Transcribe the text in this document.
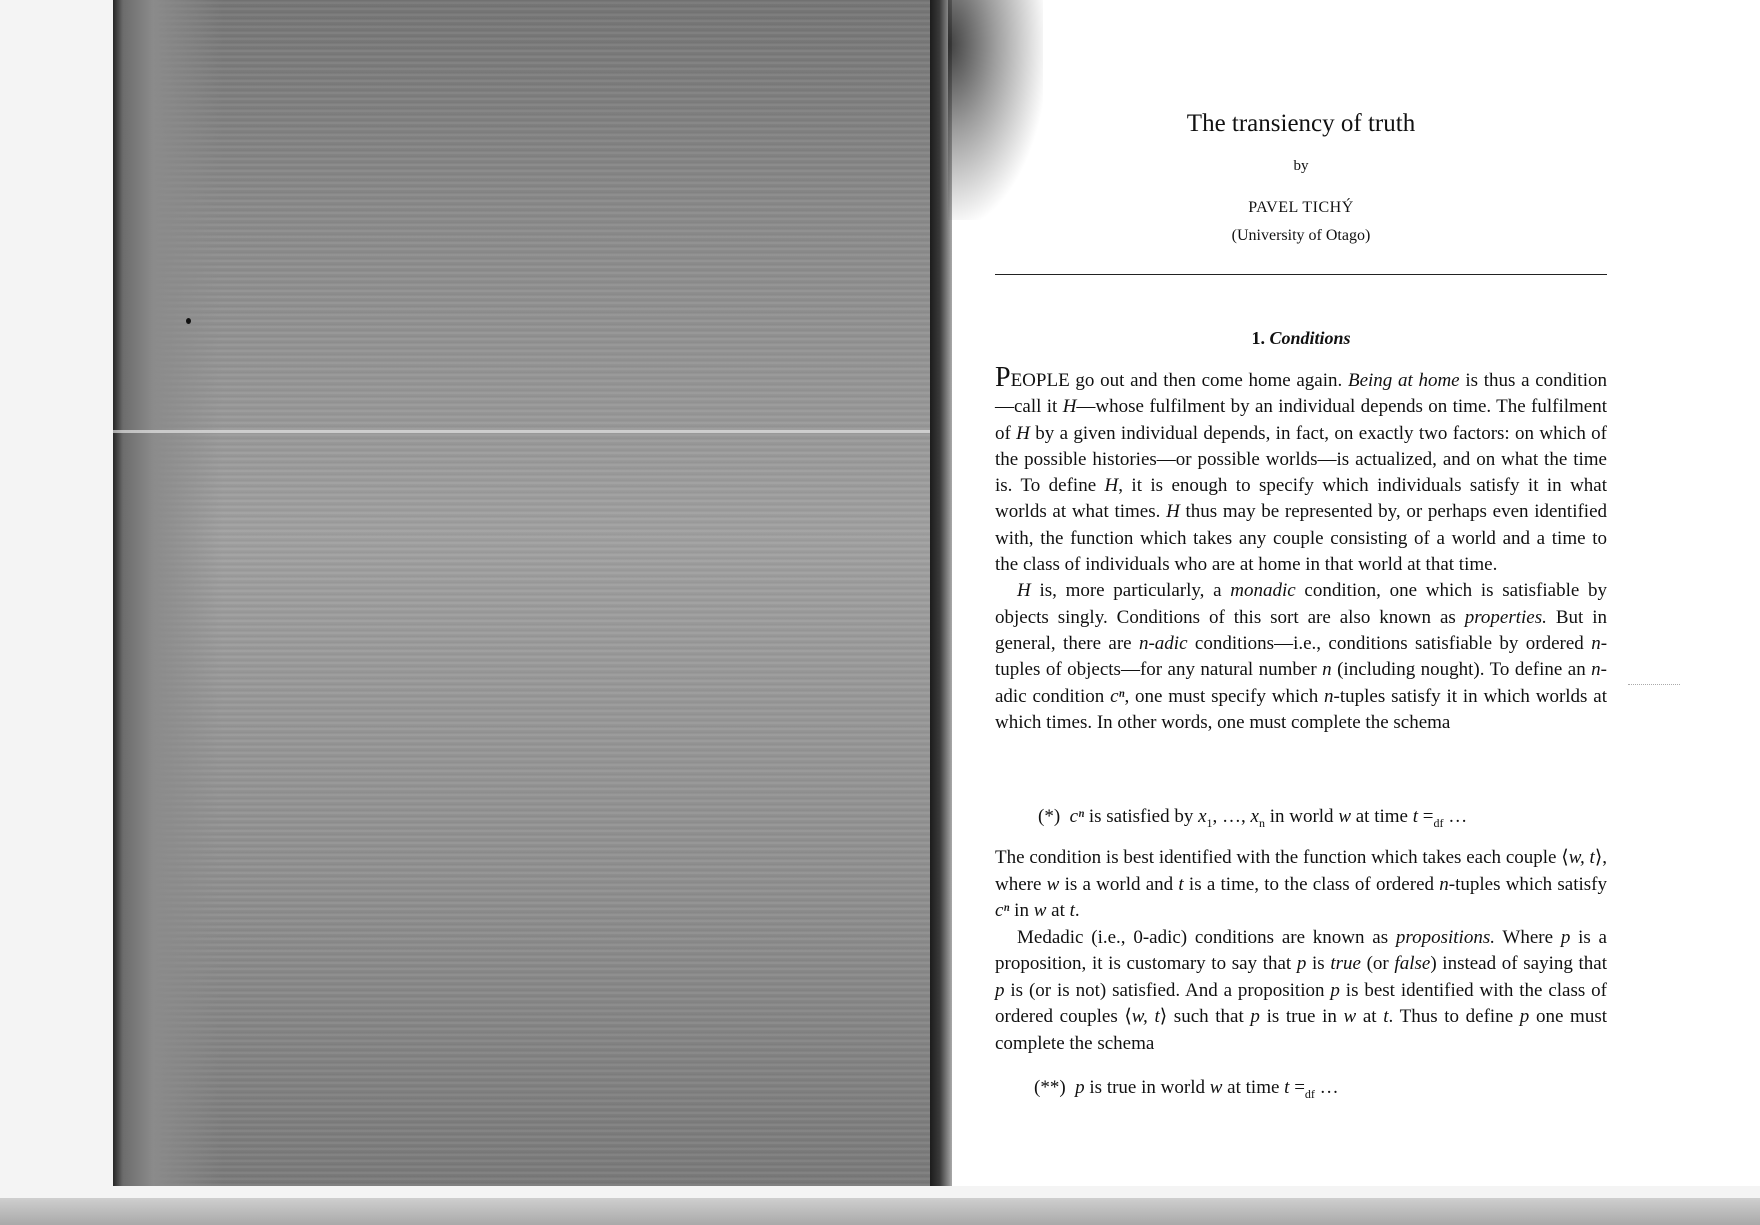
The transiency of truth
by
PAVEL TICHÝ
(University of Otago)
1. Conditions

PEOPLE go out and then come home again. Being at home is thus a condition—call it H—whose fulfilment by an individual depends on time. The fulfilment of H by a given individual depends, in fact, on exactly two factors: on which of the possible histories—or possible worlds—is actualized, and on what the time is. To define H, it is enough to specify which individuals satisfy it in what worlds at what times. H thus may be represented by, or perhaps even identified with, the function which takes any couple consisting of a world and a time to the class of individuals who are at home in that world at that time.

H is, more particularly, a monadic condition, one which is satisfiable by objects singly. Conditions of this sort are also known as properties. But in general, there are n-adic conditions—i.e., conditions satisfiable by ordered n-tuples of objects—for any natural number n (including nought). To define an n-adic condition cⁿ, one must specify which n-tuples satisfy it in which worlds at which times. In other words, one must complete the schema

(*) cⁿ is satisfied by $x_1$, …, $x_n$ in world w at time $t =_{df}$ …

The condition is best identified with the function which takes each couple ⟨w, t⟩, where w is a world and t is a time, to the class of ordered n-tuples which satisfy cⁿ in w at t.

Medadic (i.e., 0-adic) conditions are known as propositions. Where p is a proposition, it is customary to say that p is true (or false) instead of saying that p is (or is not) satisfied. And a proposition p is best identified with the class of ordered couples ⟨w, t⟩ such that p is true in w at t. Thus to define p one must complete the schema

(**) p is true in world w at time $t =_{df}$ …
